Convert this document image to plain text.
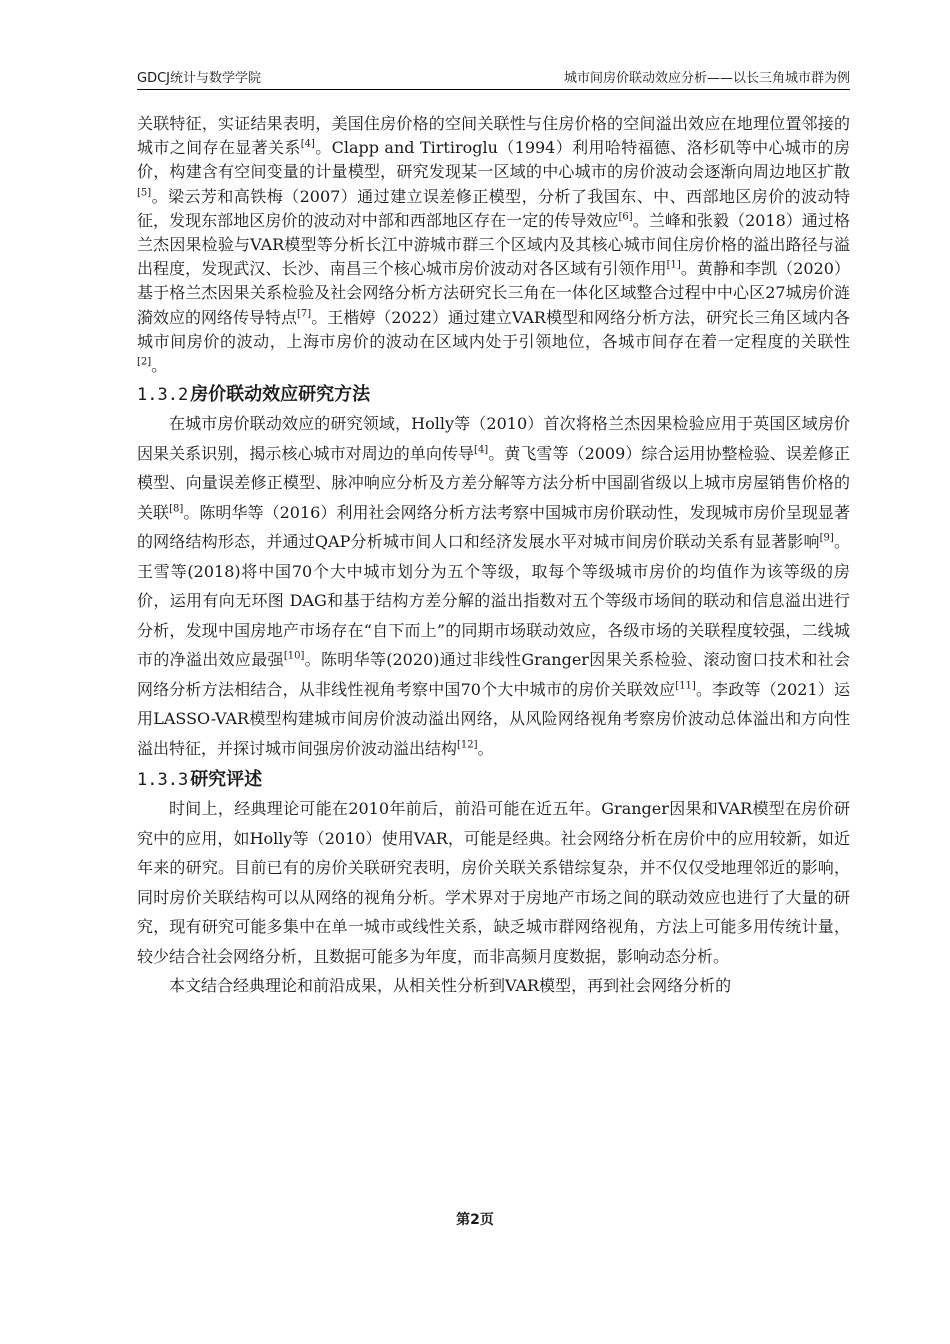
GDCJ统计与数学学院	城市间房价联动效应分析——以长三角城市群为例

关联特征，实证结果表明，美国住房价格的空间关联性与住房价格的空间溢出效应在地理位置邻接的城市之间存在显著关系[4]。Clapp and Tirtiroglu（1994）利用哈特福德、洛杉矶等中心城市的房价，构建含有空间变量的计量模型，研究发现某一区域的中心城市的房价波动会逐渐向周边地区扩散[5]。梁云芳和高铁梅（2007）通过建立误差修正模型，分析了我国东、中、西部地区房价的波动特征，发现东部地区房价的波动对中部和西部地区存在一定的传导效应[6]。兰峰和张毅（2018）通过格兰杰因果检验与VAR模型等分析长江中游城市群三个区域内及其核心城市间住房价格的溢出路径与溢出程度，发现武汉、长沙、南昌三个核心城市房价波动对各区域有引领作用[1]。黄静和李凯（2020）基于格兰杰因果关系检验及社会网络分析方法研究长三角在一体化区域整合过程中中心区27城房价涟漪效应的网络传导特点[7]。王楷婷（2022）通过建立VAR模型和网络分析方法，研究长三角区域内各城市间房价的波动，上海市房价的波动在区域内处于引领地位，各城市间存在着一定程度的关联性[2]。

1.3.2 房价联动效应研究方法

在城市房价联动效应的研究领域，Holly等（2010）首次将格兰杰因果检验应用于英国区域房价因果关系识别，揭示核心城市对周边的单向传导[4]。黄飞雪等（2009）综合运用协整检验、误差修正模型、向量误差修正模型、脉冲响应分析及方差分解等方法分析中国副省级以上城市房屋销售价格的关联[8]。陈明华等（2016）利用社会网络分析方法考察中国城市房价联动性，发现城市房价呈现显著的网络结构形态，并通过QAP分析城市间人口和经济发展水平对城市间房价联动关系有显著影响[9]。王雪等(2018)将中国70个大中城市划分为五个等级，取每个等级城市房价的均值作为该等级的房价，运用有向无环图 DAG和基于结构方差分解的溢出指数对五个等级市场间的联动和信息溢出进行分析，发现中国房地产市场存在“自下而上”的同期市场联动效应，各级市场的关联程度较强，二线城市的净溢出效应最强[10]。陈明华等(2020)通过非线性Granger因果关系检验、滚动窗口技术和社会网络分析方法相结合，从非线性视角考察中国70个大中城市的房价关联效应[11]。李政等（2021）运用LASSO-VAR模型构建城市间房价波动溢出网络，从风险网络视角考察房价波动总体溢出和方向性溢出特征，并探讨城市间强房价波动溢出结构[12]。

1.3.3 研究评述

时间上，经典理论可能在2010年前后，前沿可能在近五年。Granger因果和VAR模型在房价研究中的应用，如Holly等（2010）使用VAR，可能是经典。社会网络分析在房价中的应用较新，如近年来的研究。目前已有的房价关联研究表明，房价关联关系错综复杂，并不仅仅受地理邻近的影响，同时房价关联结构可以从网络的视角分析。学术界对于房地产市场之间的联动效应也进行了大量的研究，现有研究可能多集中在单一城市或线性关系，缺乏城市群网络视角，方法上可能多用传统计量，较少结合社会网络分析，且数据可能多为年度，而非高频月度数据，影响动态分析。

本文结合经典理论和前沿成果，从相关性分析到VAR模型，再到社会网络分析的

第2页
